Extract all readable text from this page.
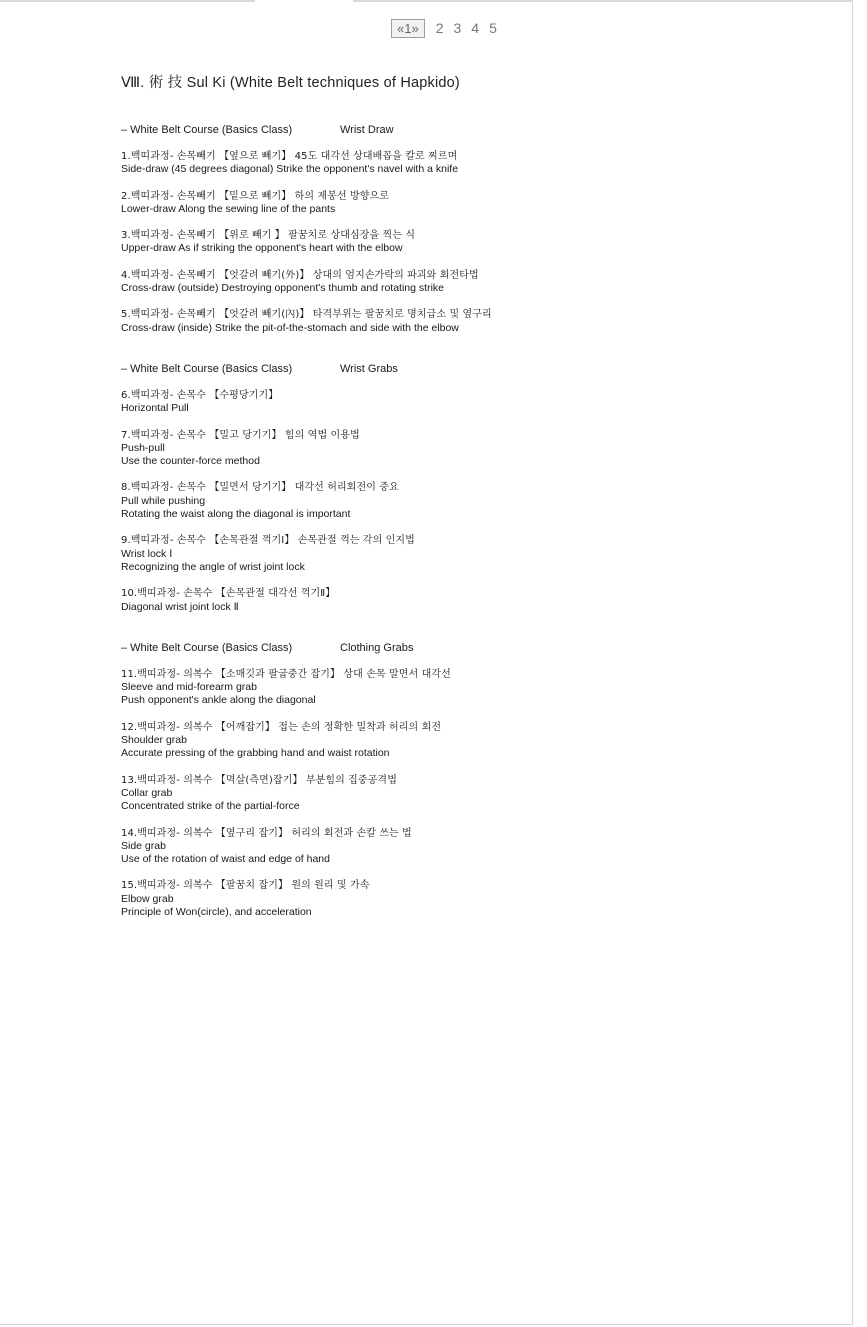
«1»	2 3 4 5
Ⅷ. 術 技 Sul Ki (White Belt techniques of Hapkido)
– White Belt Course (Basics Class)	Wrist Draw
1.백띠과정- 손목빼기 【옆으로 빼기】 45도 대각선 상대배꼽을 칼로 찌르며
Side-draw (45 degrees diagonal) Strike the opponent's navel with a knife
2.백띠과정- 손목빼기 【밑으로 빼기】 하의 제봉선 방향으로
Lower-draw Along the sewing line of the pants
3.백띠과정- 손목빼기 【위로 빼기 】 팔꿈치로 상대심장을 찍는 식
Upper-draw As if striking the opponent's heart with the elbow
4.백띠과정- 손목빼기 【엇갈려 빼기(外)】 상대의 엄지손가락의 파괴와 회전타법
Cross-draw (outside) Destroying opponent's thumb and rotating strike
5.백띠과정- 손목빼기 【엇갈려 빼기(內)】 타격부위는 팔꿈치로 명치급소 및 옆구리
Cross-draw (inside) Strike the pit-of-the-stomach and side with the elbow
– White Belt Course (Basics Class)	Wrist Grabs
6.백띠과정- 손목수 【수평당기기】
Horizontal Pull
7.백띠과정- 손목수 【밀고 당기기】 힘의 역법 이용법
Push-pull
Use the counter-force method
8.백띠과정- 손목수 【밀면서 당기기】 대각선 허리회전이 중요
Pull while pushing
Rotating the waist along the diagonal is important
9.백띠과정- 손목수 【손목관절 꺽기Ⅰ】 손목관절 꺽는 각의 인지법
Wrist lock Ⅰ
Recognizing the angle of wrist joint lock
10.백띠과정- 손목수 【손목관절 대각선 꺽기Ⅱ】
Diagonal wrist joint lock Ⅱ
– White Belt Course (Basics Class)	Clothing Grabs
11.백띠과정- 의복수 【소매깃과 팔굽중간 잡기】 상대 손목 말면서 대각선
Sleeve and mid-forearm grab
Push opponent's ankle along the diagonal
12.백띠과정- 의복수 【어깨잡기】 접는 손의 정확한 밀착과 허리의 회전
Shoulder grab
Accurate pressing of the grabbing hand and waist rotation
13.백띠과정- 의복수 【멱살(측면)잡기】 부분힘의 집중공격법
Collar grab
Concentrated strike of the partial-force
14.백띠과정- 의복수 【옆구리 잡기】 허리의 회전과 손칼 쓰는 법
Side grab
Use of the rotation of waist and edge of hand
15.백띠과정- 의복수 【팔꿈치 잡기】 원의 원리 및 가속
Elbow grab
Principle of Won(circle), and acceleration
